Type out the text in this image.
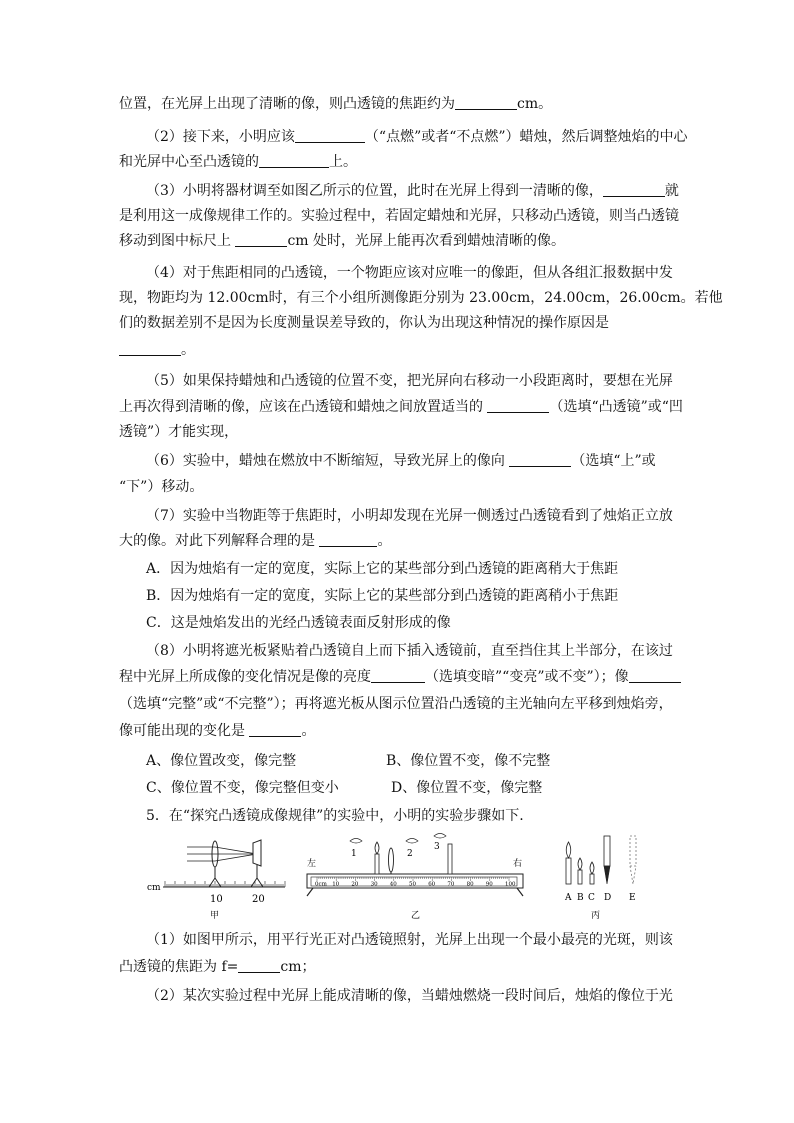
位置，在光屏上出现了清晰的像，则凸透镜的焦距约为	cm。
（2）接下来，小明应该	（“点燃”或者“不点燃”）蜡烛，然后调整烛焰的中心
和光屏中心至凸透镜的	上。
（3）小明将器材调至如图乙所示的位置，此时在光屏上得到一清晰的像，	就
是利用这一成像规律工作的。实验过程中，若固定蜡烛和光屏，只移动凸透镜，则当凸透镜
移动到图中标尺上	cm 处时，光屏上能再次看到蜡烛清晰的像。
（4）对于焦距相同的凸透镜，一个物距应该对应唯一的像距，但从各组汇报数据中发
现，物距均为 12.00cm时，有三个小组所测像距分别为 23.00cm，24.00cm，26.00cm。若他
们的数据差别不是因为长度测量误差导致的，你认为出现这种情况的操作原因是
。
（5）如果保持蜡烛和凸透镜的位置不变，把光屏向右移动一小段距离时，要想在光屏
上再次得到清晰的像，应该在凸透镜和蜡烛之间放置适当的	（选填“凸透镜”或“凹
透镜”）才能实现，
（6）实验中，蜡烛在燃放中不断缩短，导致光屏上的像向	（选填“上”或
“下”）移动。
（7）实验中当物距等于焦距时，小明却发现在光屏一侧透过凸透镜看到了烛焰正立放
大的像。对此下列解释合理的是	。
A．因为烛焰有一定的宽度，实际上它的某些部分到凸透镜的距离稍大于焦距
B．因为烛焰有一定的宽度，实际上它的某些部分到凸透镜的距离稍小于焦距
C．这是烛焰发出的光经凸透镜表面反射形成的像
（8）小明将遮光板紧贴着凸透镜自上而下插入透镜前，直至挡住其上半部分，在该过
程中光屏上所成像的变化情况是像的亮度	（选填变暗”“变亮”或不变”）；像
（选填“完整”或“不完整”）；再将遮光板从图示位置沿凸透镜的主光轴向左平移到烛焰旁，
像可能出现的变化是	。
A、像位置改变，像完整	B、像位置不变，像不完整
C、像位置不变，像完整但变小	D、像位置不变，像完整
5．在“探究凸透镜成像规律”的实验中，小明的实验步骤如下.
cm
10	20
甲
左	右
0cm 10 20 30 40 50 60 70 80 90 100
1	2
3
乙
A B C D E
丙
（1）如图甲所示，用平行光正对凸透镜照射，光屏上出现一个最小最亮的光斑，则该
凸透镜的焦距为 f=	cm；
（2）某次实验过程中光屏上能成清晰的像，当蜡烛燃烧一段时间后，烛焰的像位于光
